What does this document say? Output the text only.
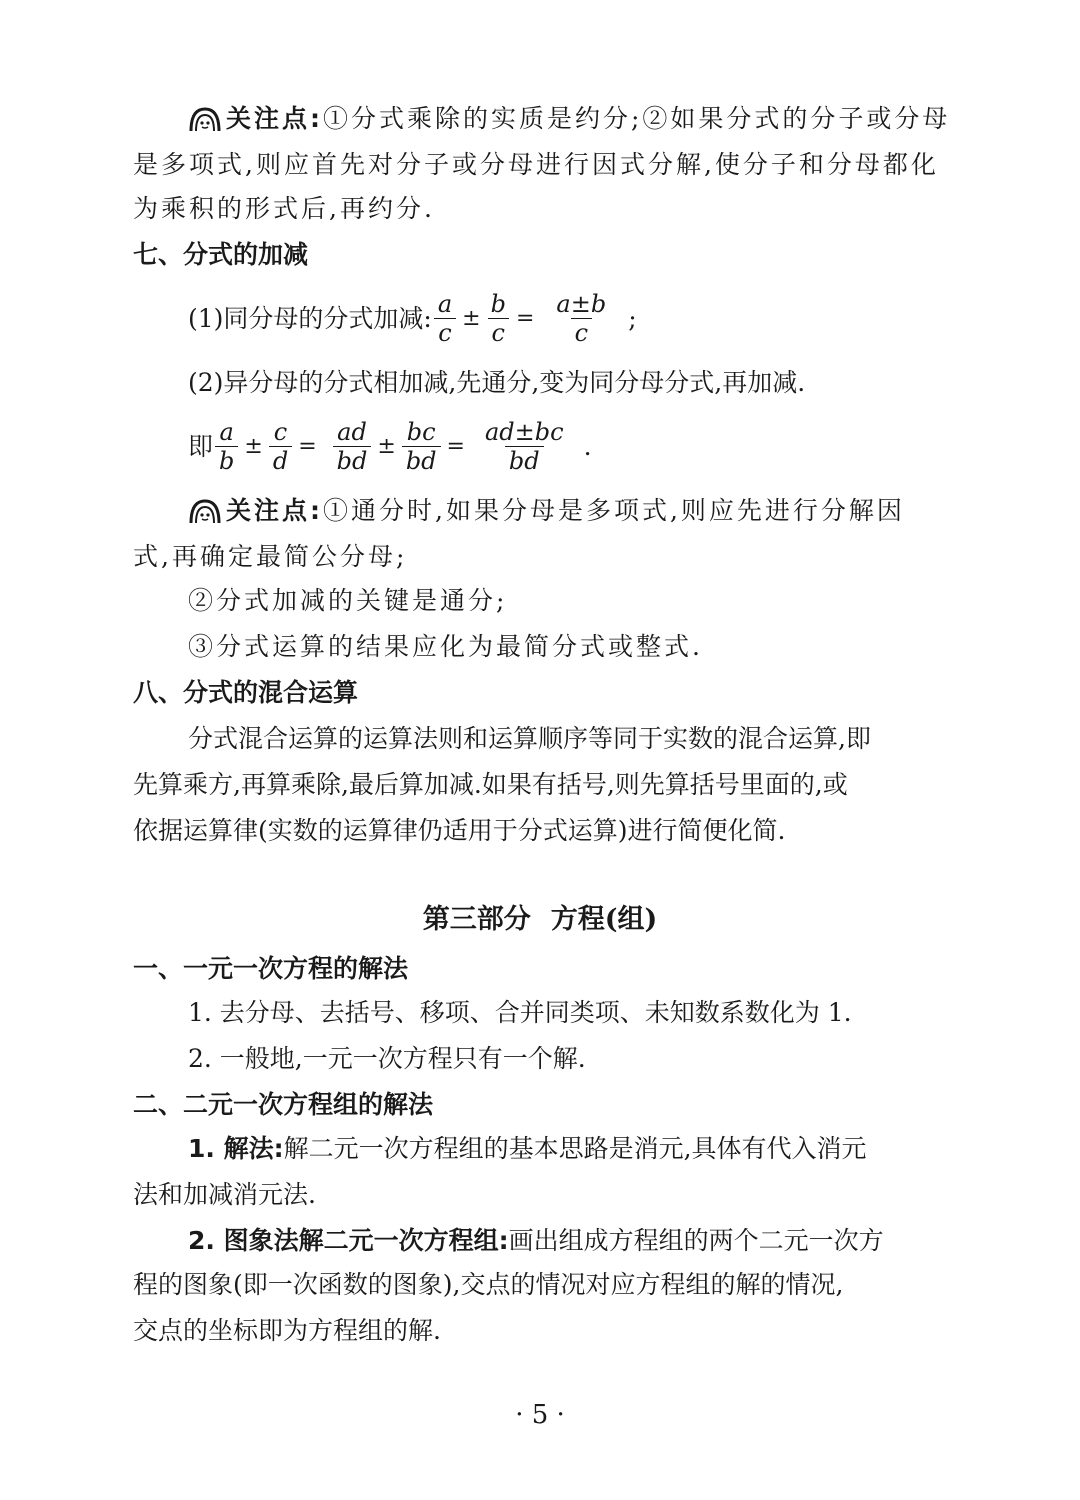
关注点: ①分式乘除的实质是约分;②如果分式的分子或分母
是多项式,则应首先对分子或分母进行因式分解,使分子和分母都化
为乘积的形式后,再约分.
七、分式的加减
(1)同分母的分式加减: $\frac{a}{c} \pm \frac{b}{c} = \frac{a\pm b}{c}$ ;
(2)异分母的分式相加减,先通分,变为同分母分式,再加减.
即 $\frac{a}{b} \pm \frac{c}{d} = \frac{ad}{bd} \pm \frac{bc}{bd} = \frac{ad\pm bc}{bd}$ .
关注点: ①通分时,如果分母是多项式,则应先进行分解因
式,再确定最简公分母;
②分式加减的关键是通分;
③分式运算的结果应化为最简分式或整式.
八、分式的混合运算
分式混合运算的运算法则和运算顺序等同于实数的混合运算,即
先算乘方,再算乘除,最后算加减.如果有括号,则先算括号里面的,或
依据运算律(实数的运算律仍适用于分式运算)进行简便化简.
第三部分 方程(组)
一、一元一次方程的解法
1. 去分母、去括号、移项、合并同类项、未知数系数化为 1.
2. 一般地,一元一次方程只有一个解.
二、二元一次方程组的解法
1. 解法:解二元一次方程组的基本思路是消元,具体有代入消元
法和加减消元法.
2. 图象法解二元一次方程组:画出组成方程组的两个二元一次方
程的图象(即一次函数的图象),交点的情况对应方程组的解的情况,
交点的坐标即为方程组的解.
· 5 ·
